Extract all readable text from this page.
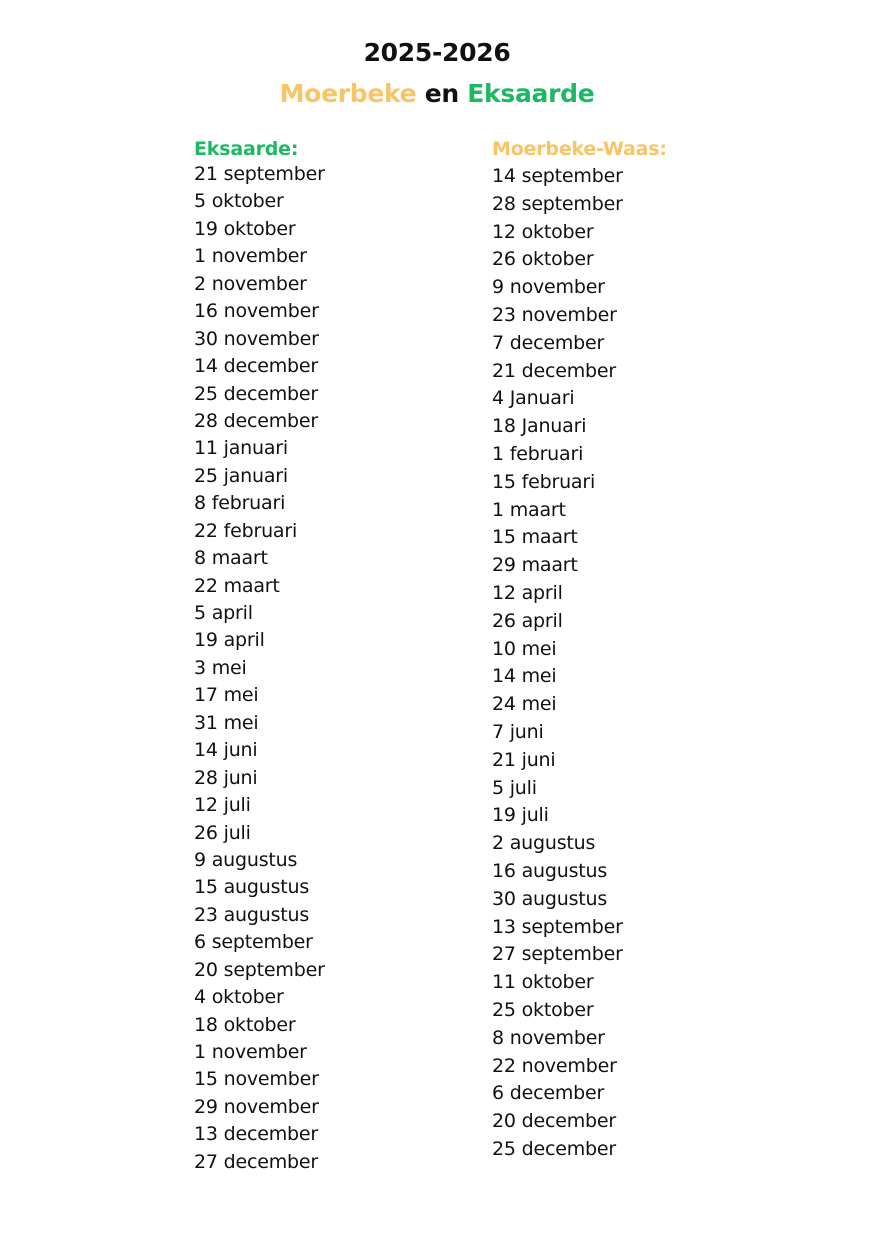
2025-2026
Moerbeke en Eksaarde
Eksaarde:
21 september
5 oktober
19 oktober
1 november
2 november
16 november
30 november
14 december
25 december
28 december
11 januari
25 januari
8 februari
22 februari
8 maart
22 maart
5 april
19 april
3 mei
17 mei
31 mei
14 juni
28 juni
12 juli
26 juli
9 augustus
15 augustus
23 augustus
6 september
20 september
4 oktober
18 oktober
1 november
15 november
29 november
13 december
27 december
Moerbeke-Waas:
14 september
28 september
12 oktober
26 oktober
9 november
23 november
7 december
21 december
4 Januari
18 Januari
1 februari
15 februari
1 maart
15 maart
29 maart
12 april
26 april
10 mei
14 mei
24 mei
7 juni
21 juni
5 juli
19 juli
2 augustus
16 augustus
30 augustus
13 september
27 september
11 oktober
25 oktober
8 november
22 november
6 december
20 december
25 december
